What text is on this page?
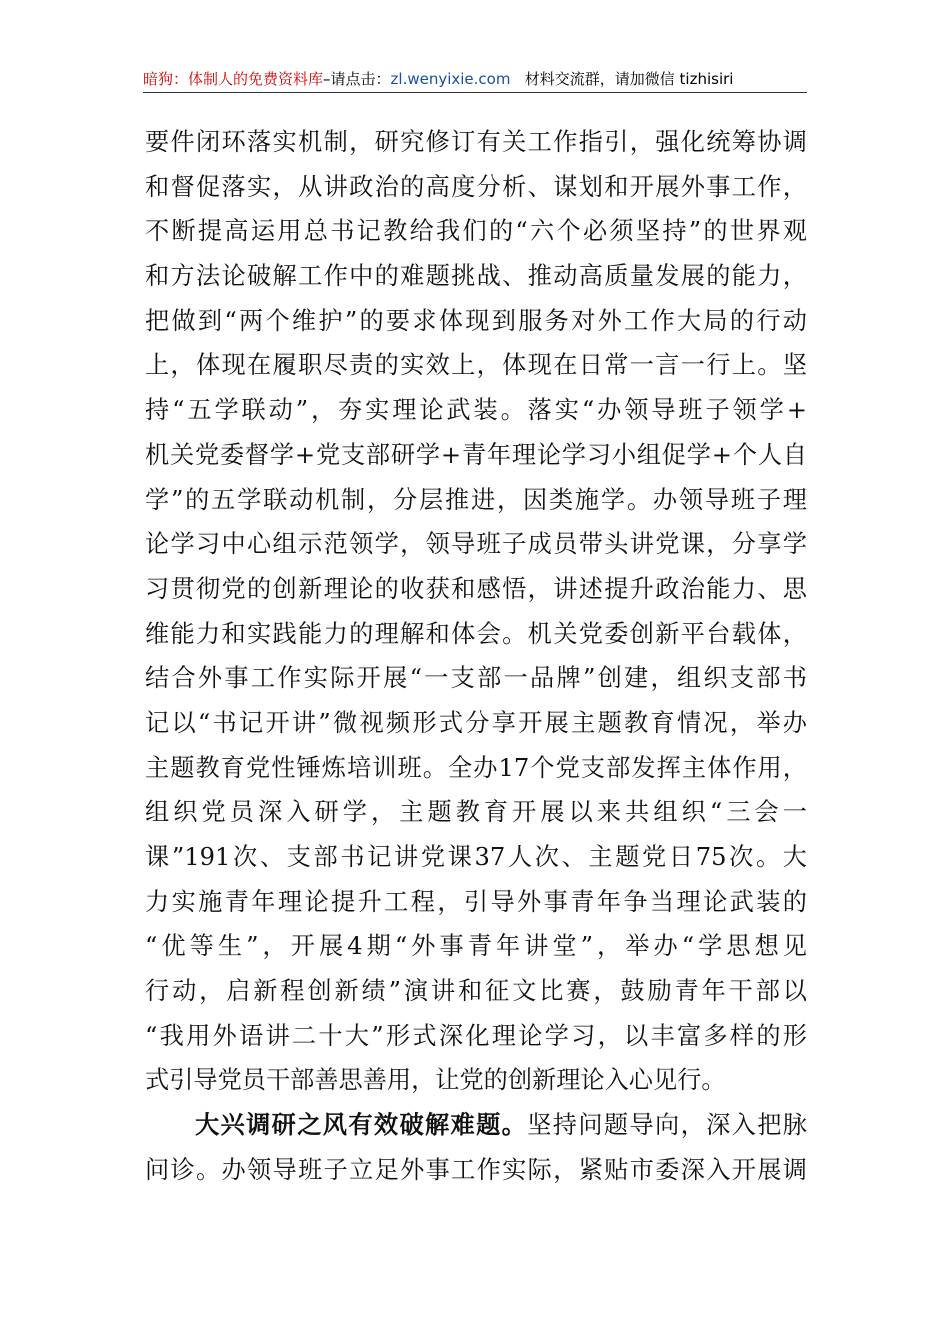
暗狗：体制人的免费资料库–请点击：zl.wenyixie.com 材料交流群，请加微信 tizhisiri
要件闭环落实机制，研究修订有关工作指引，强化统筹协调
和督促落实，从讲政治的高度分析、谋划和开展外事工作，
不断提高运用总书记教给我们的“六个必须坚持”的世界观
和方法论破解工作中的难题挑战、推动高质量发展的能力，
把做到“两个维护”的要求体现到服务对外工作大局的行动
上，体现在履职尽责的实效上，体现在日常一言一行上。坚
持“五学联动”，夯实理论武装。落实“办领导班子领学+
机关党委督学+党支部研学+青年理论学习小组促学+个人自
学”的五学联动机制，分层推进，因类施学。办领导班子理
论学习中心组示范领学，领导班子成员带头讲党课，分享学
习贯彻党的创新理论的收获和感悟，讲述提升政治能力、思
维能力和实践能力的理解和体会。机关党委创新平台载体，
结合外事工作实际开展“一支部一品牌”创建，组织支部书
记以“书记开讲”微视频形式分享开展主题教育情况，举办
主题教育党性锤炼培训班。全办17个党支部发挥主体作用，
组织党员深入研学，主题教育开展以来共组织“三会一
课”191次、支部书记讲党课37人次、主题党日75次。大
力实施青年理论提升工程，引导外事青年争当理论武装的
“优等生”，开展4期“外事青年讲堂”，举办“学思想见
行动，启新程创新绩”演讲和征文比赛，鼓励青年干部以
“我用外语讲二十大”形式深化理论学习，以丰富多样的形
式引导党员干部善思善用，让党的创新理论入心见行。
大兴调研之风有效破解难题。坚持问题导向，深入把脉
问诊。办领导班子立足外事工作实际，紧贴市委深入开展调
